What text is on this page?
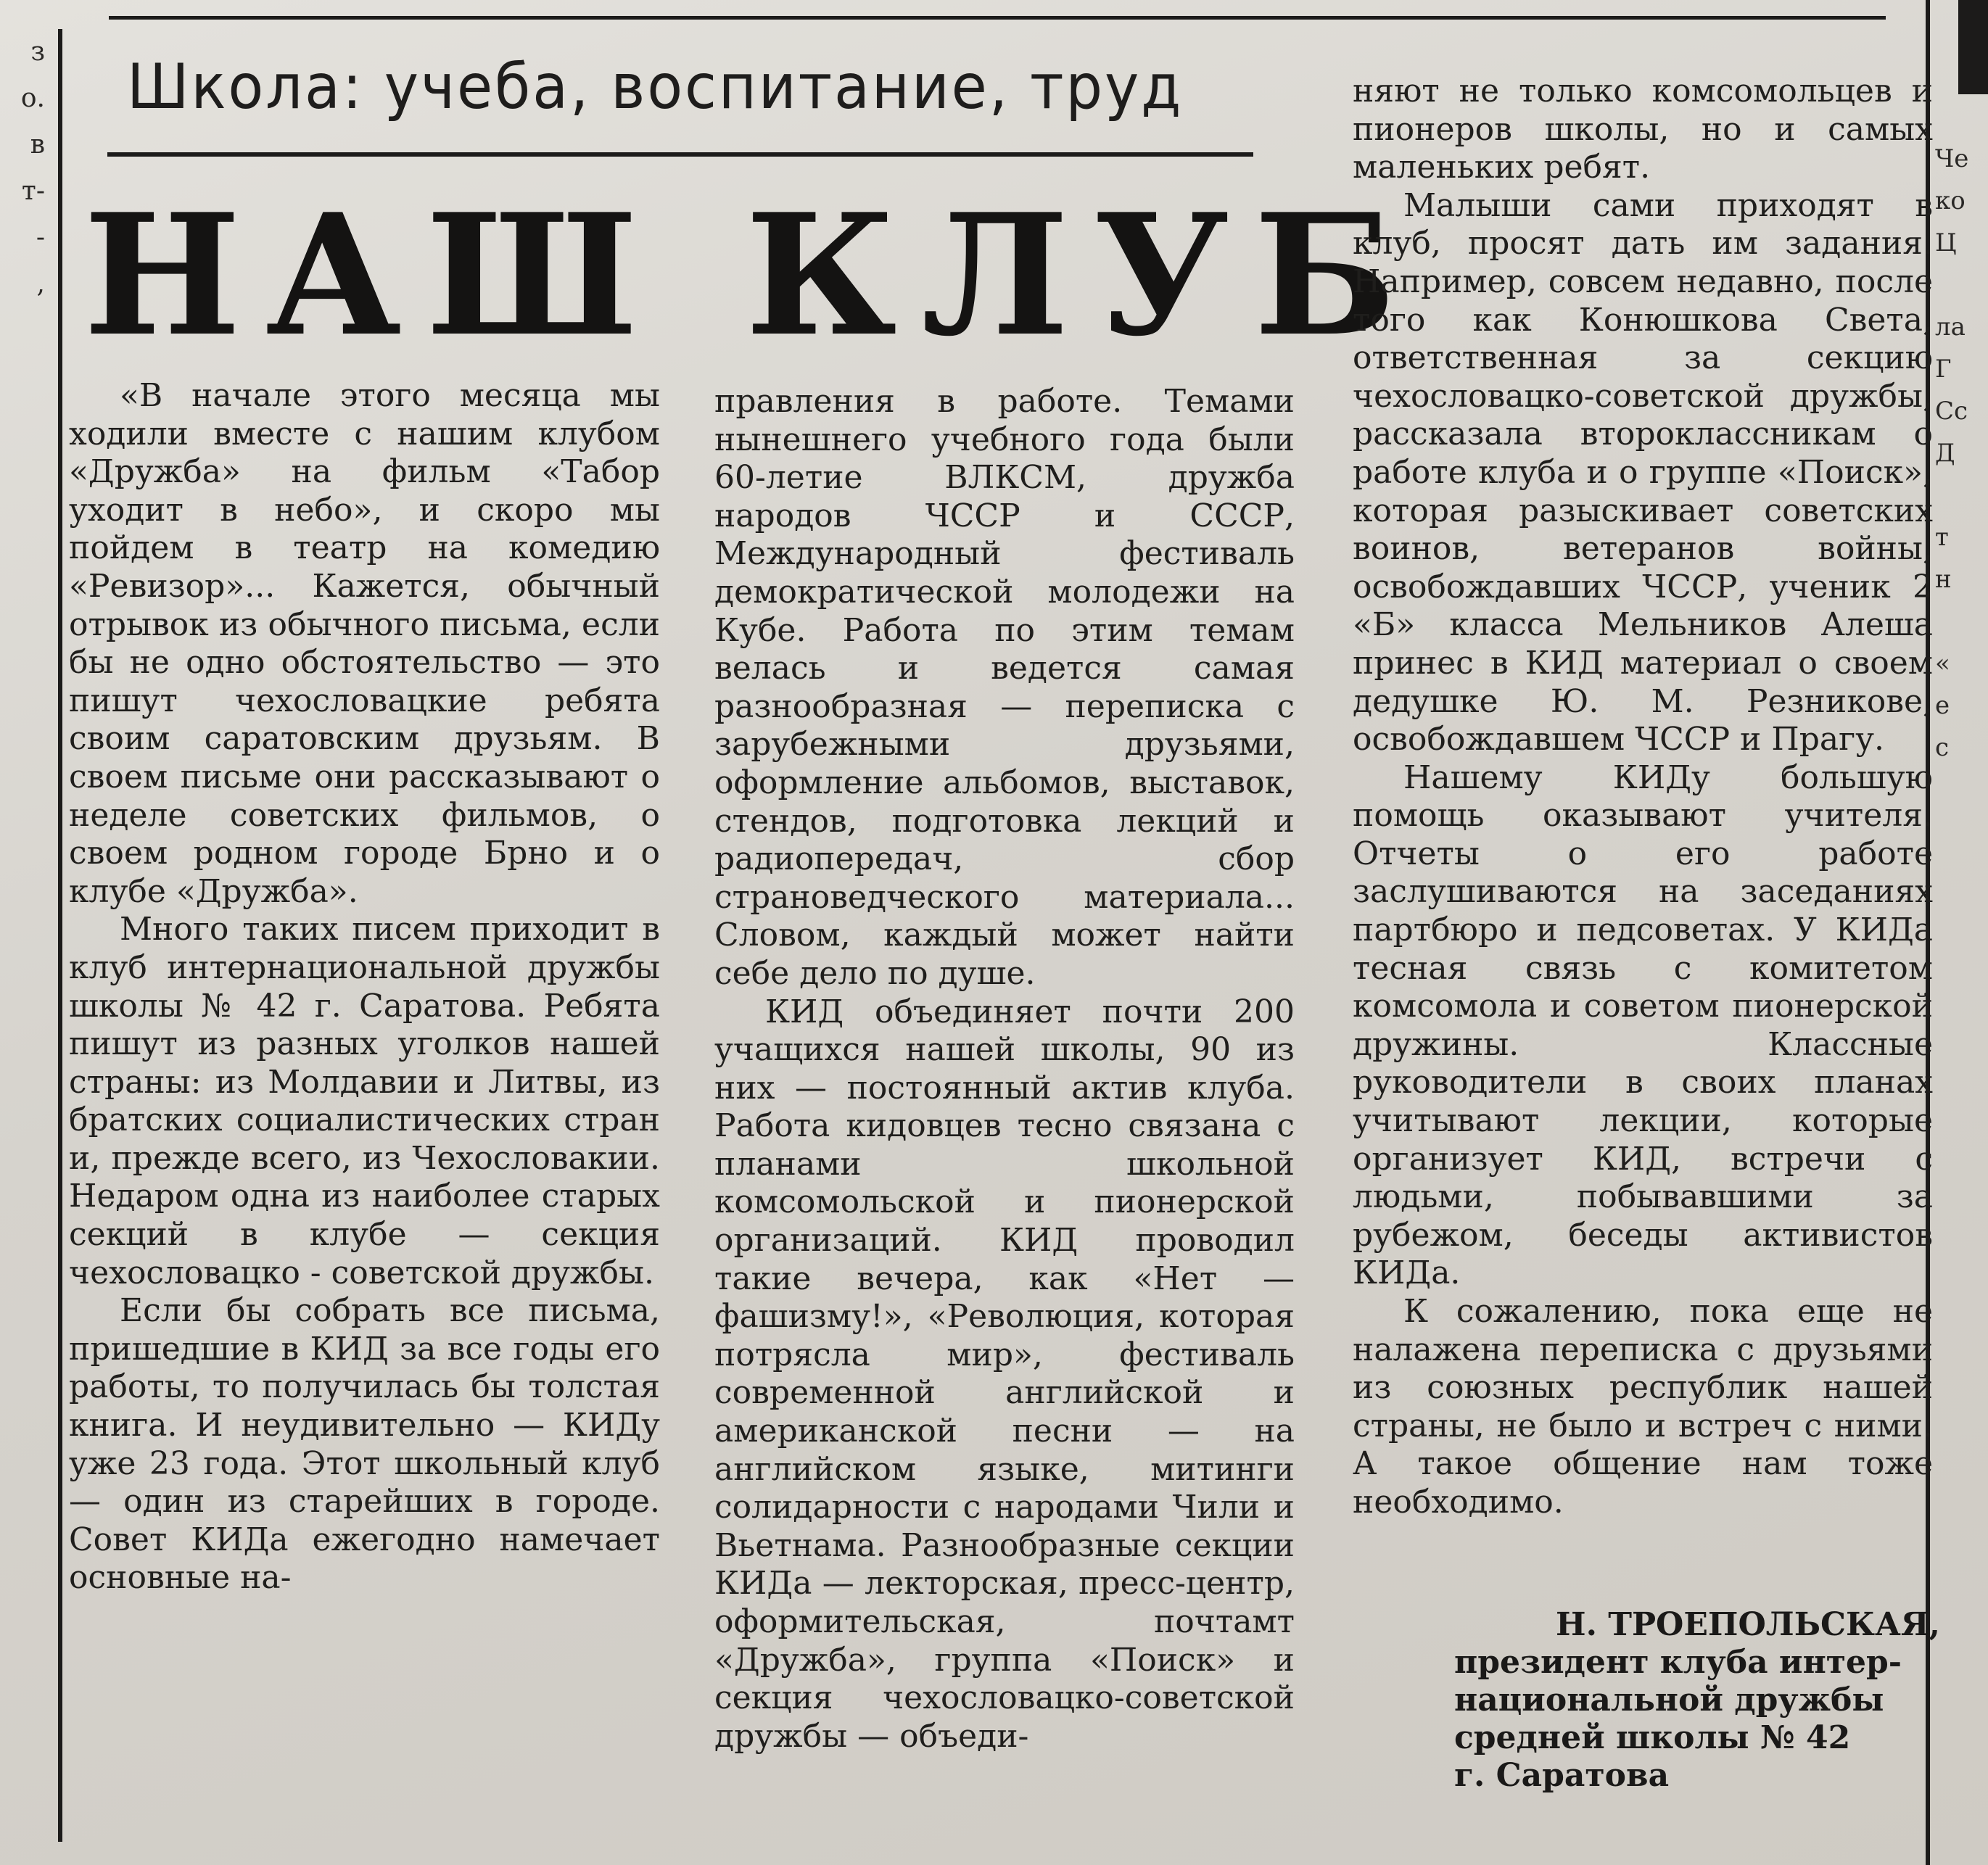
з
о.
в
т-
-
,
Че
ко
Ц

ла
Г
Сс
Д

т
н

«
е
с
Школа: учеба, воспитание, труд
НАШ КЛУБ

«В начале этого месяца мы ходили вместе с нашим клубом «Дружба» на фильм «Табор уходит в небо», и скоро мы пойдем в театр на комедию «Ревизор»... Кажется, обычный отрывок из обычного письма, если бы не одно обстоятельство — это пишут чехословацкие ребята своим саратовским друзьям. В своем письме они рассказывают о неделе советских фильмов, о своем родном городе Брно и о клубе «Дружба».

Много таких писем приходит в клуб интернациональной дружбы школы № 42 г. Саратова. Ребята пишут из разных уголков нашей страны: из Молдавии и Литвы, из братских социалистических стран и, прежде всего, из Чехословакии. Недаром одна из наиболее старых секций в клубе — секция чехословацко - советской дружбы.

Если бы собрать все письма, пришедшие в КИД за все годы его работы, то получилась бы толстая книга. И неудивительно — КИДу уже 23 года. Этот школьный клуб — один из старейших в городе. Совет КИДа ежегодно намечает основные на-

правления в работе. Темами нынешнего учебного года были 60-летие ВЛКСМ, дружба народов ЧССР и СССР, Международный фестиваль демократической молодежи на Кубе. Работа по этим темам велась и ведется самая разнообразная — переписка с зарубежными друзьями, оформление альбомов, выставок, стендов, подготовка лекций и радиопередач, сбор страноведческого материала... Словом, каждый может найти себе дело по душе.

КИД объединяет почти 200 учащихся нашей школы, 90 из них — постоянный актив клуба. Работа кидовцев тесно связана с планами школьной комсомольской и пионерской организаций. КИД проводил такие вечера, как «Нет — фашизму!», «Революция, которая потрясла мир», фестиваль современной английской и американской песни — на английском языке, митинги солидарности с народами Чили и Вьетнама. Разнообразные секции КИДа — лекторская, пресс-центр, оформительская, почтамт «Дружба», группа «Поиск» и секция чехословацко-советской дружбы — объеди-

няют не только комсомольцев и пионеров школы, но и самых маленьких ребят.

Малыши сами приходят в клуб, просят дать им задания. Например, совсем недавно, после того как Конюшкова Света, ответственная за секцию чехословацко-советской дружбы, рассказала второклассникам о работе клуба и о группе «Поиск», которая разыскивает советских воинов, ветеранов войны, освобождавших ЧССР, ученик 2 «Б» класса Мельников Алеша принес в КИД материал о своем дедушке Ю. М. Резникове, освобождавшем ЧССР и Прагу.

Нашему КИДу большую помощь оказывают учителя. Отчеты о его работе заслушиваются на заседаниях партбюро и педсоветах. У КИДа тесная связь с комитетом комсомола и советом пионерской дружины. Классные руководители в своих планах учитывают лекции, которые организует КИД, встречи с людьми, побывавшими за рубежом, беседы активистов КИДа.

К сожалению, пока еще не налажена переписка с друзьями из союзных республик нашей страны, не было и встреч с ними. А такое общение нам тоже необходимо.

Н. ТРОЕПОЛЬСКАЯ,
президент клуба интер-
национальной дружбы
средней школы № 42
г. Саратова
